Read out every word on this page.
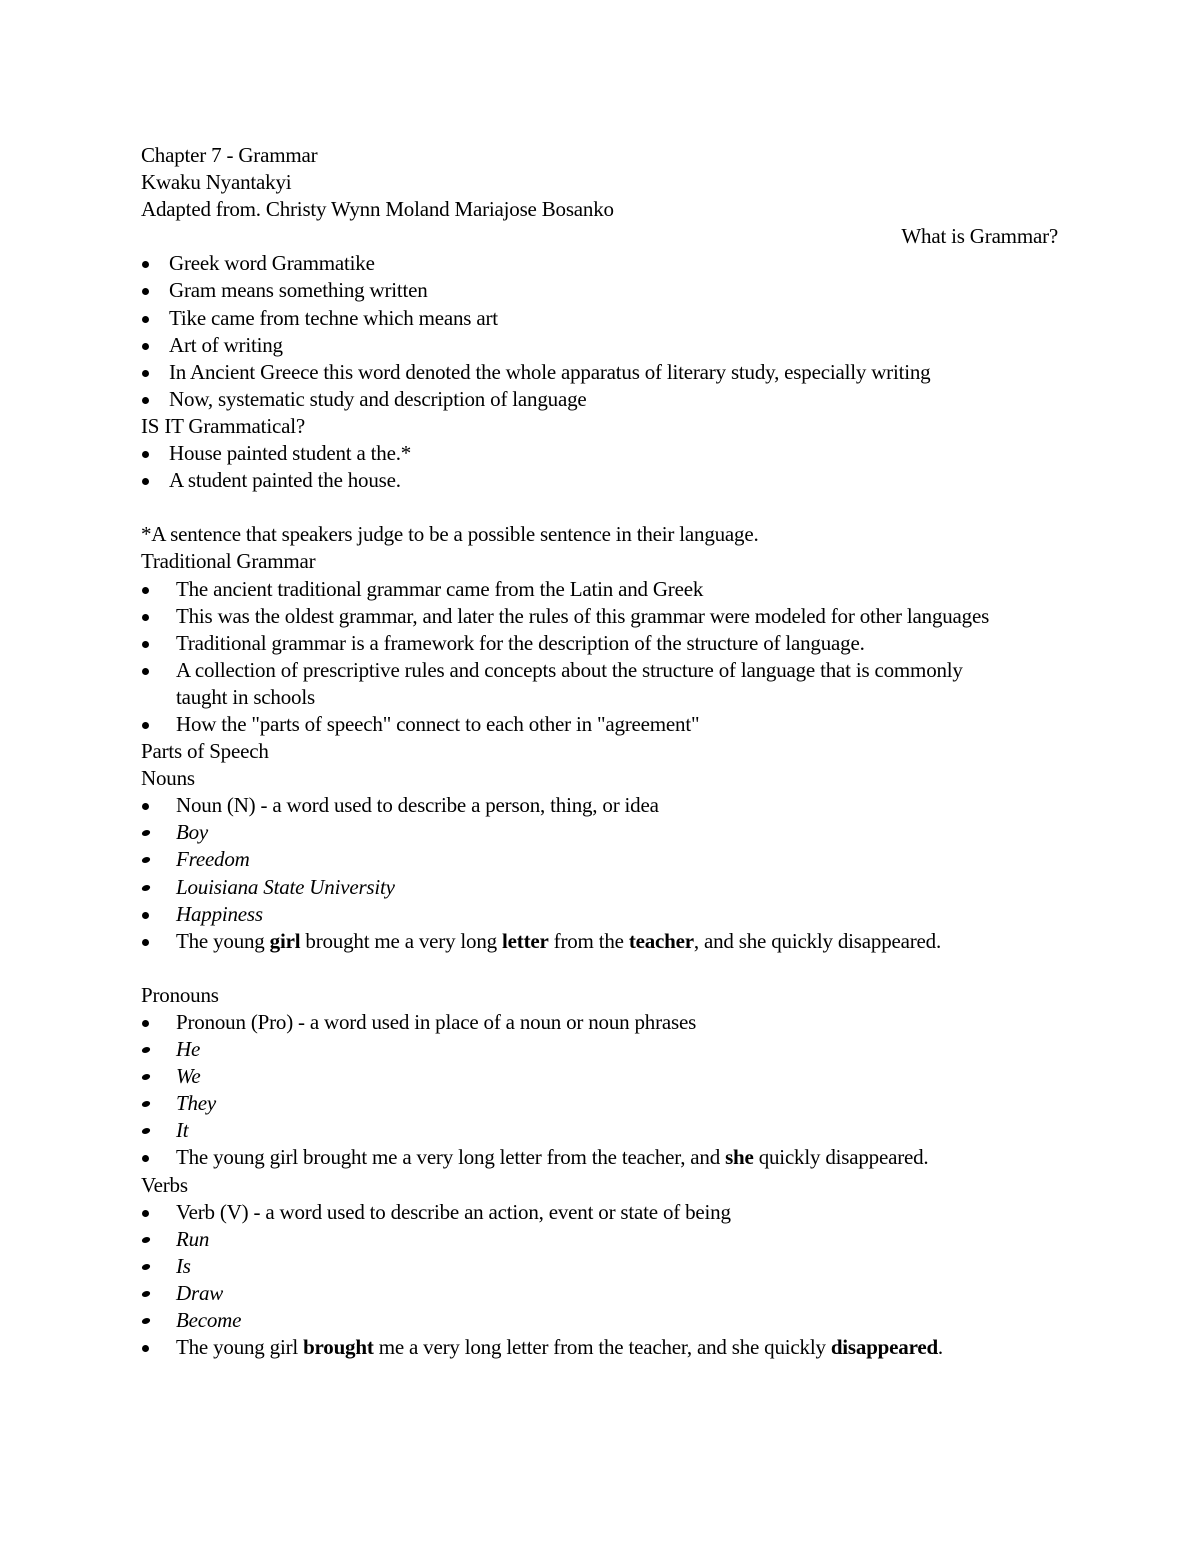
Chapter 7 - Grammar
Kwaku Nyantakyi
Adapted from. Christy Wynn Moland Mariajose Bosanko
What is Grammar?
Greek word Grammatike
Gram means something written
Tike came from techne which means art
Art of writing
In Ancient Greece this word denoted the whole apparatus of literary study, especially writing
Now, systematic study and description of language
IS IT Grammatical?
House painted student a the.*
A student painted the house.
*A sentence that speakers judge to be a possible sentence in their language.
Traditional Grammar
The ancient traditional grammar came from the Latin and Greek
This was the oldest grammar, and later the rules of this grammar were modeled for other languages
Traditional grammar is a framework for the description of the structure of language.
A collection of prescriptive rules and concepts about the structure of language that is commonly taught in schools
How the "parts of speech" connect to each other in "agreement"
Parts of Speech
Nouns
Noun (N) - a word used to describe a person, thing, or idea
Boy
Freedom
Louisiana State University
Happiness
The young girl brought me a very long letter from the teacher, and she quickly disappeared.
Pronouns
Pronoun (Pro) - a word used in place of a noun or noun phrases
He
We
They
It
The young girl brought me a very long letter from the teacher, and she quickly disappeared.
Verbs
Verb (V) - a word used to describe an action, event or state of being
Run
Is
Draw
Become
The young girl brought me a very long letter from the teacher, and she quickly disappeared.
